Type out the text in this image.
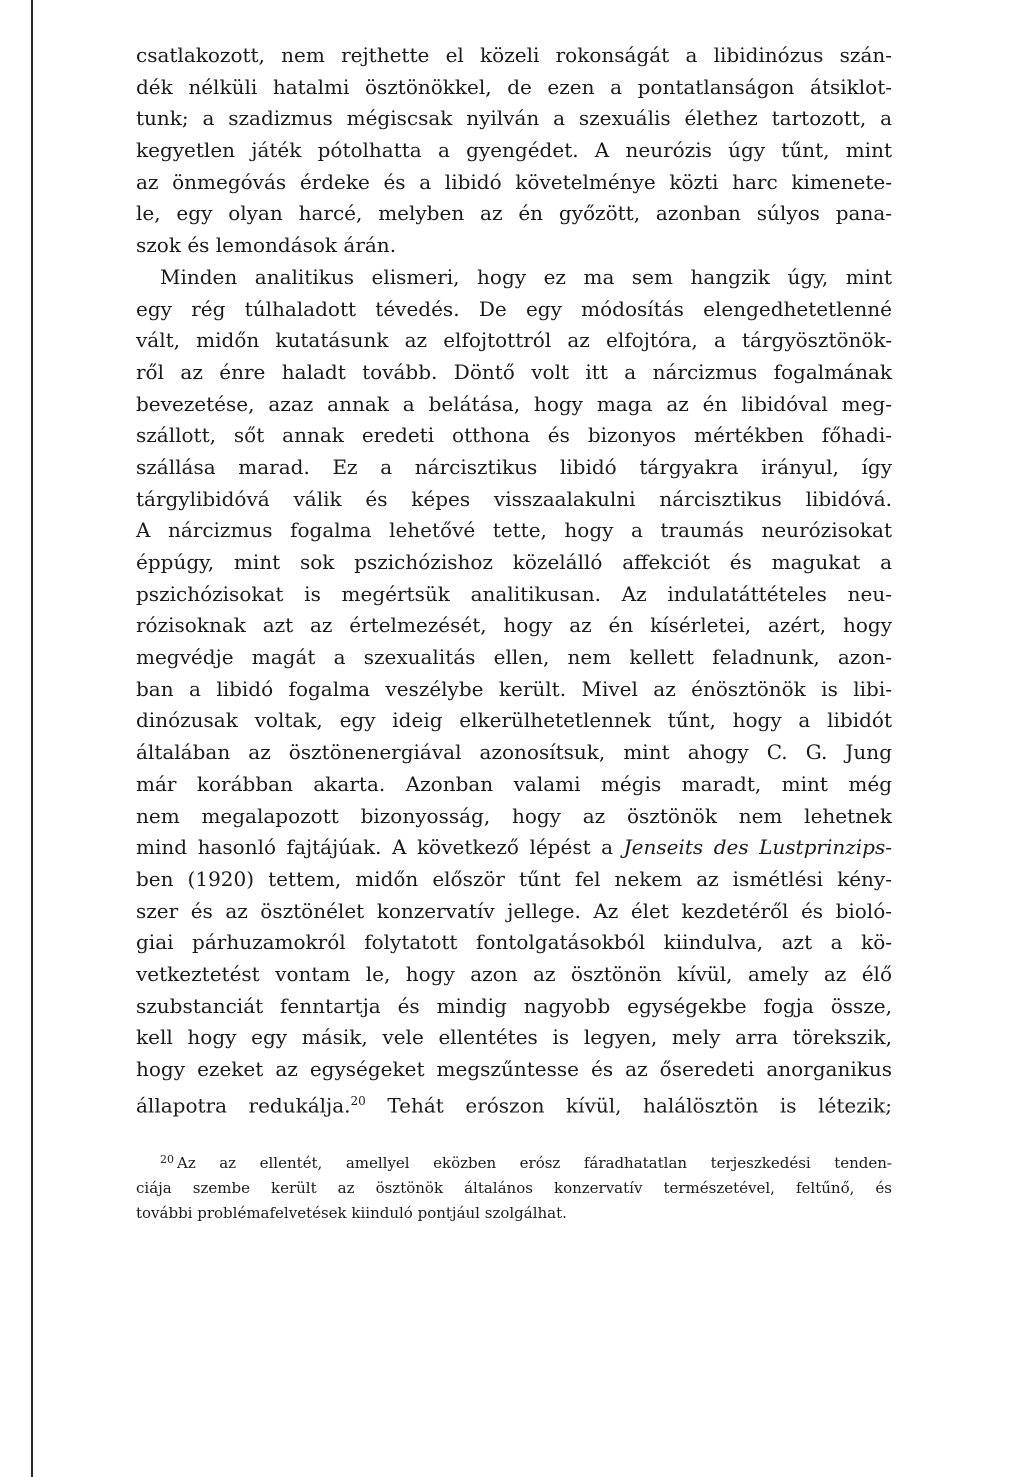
csatlakozott, nem rejthette el közeli rokonságát a libidinózus szán-
dék nélküli hatalmi ösztönökkel, de ezen a pontatlanságon átsiklot-
tunk; a szadizmus mégiscsak nyilván a szexuális élethez tartozott, a
kegyetlen játék pótolhatta a gyengédet. A neurózis úgy tűnt, mint
az önmegóvás érdeke és a libidó követelménye közti harc kimenete-
le, egy olyan harcé, melyben az én győzött, azonban súlyos pana-
szok és lemondások árán.
Minden analitikus elismeri, hogy ez ma sem hangzik úgy, mint
egy rég túlhaladott tévedés. De egy módosítás elengedhetetlenné
vált, midőn kutatásunk az elfojtottról az elfojtóra, a tárgyösztönök-
ről az énre haladt tovább. Döntő volt itt a nárcizmus fogalmának
bevezetése, azaz annak a belátása, hogy maga az én libidóval meg-
szállott, sőt annak eredeti otthona és bizonyos mértékben főhadi-
szállása marad. Ez a nárcisztikus libidó tárgyakra irányul, így
tárgylibidóvá válik és képes visszaalakulni nárcisztikus libidóvá.
A nárcizmus fogalma lehetővé tette, hogy a traumás neurózisokat
éppúgy, mint sok pszichózishoz közelálló affekciót és magukat a
pszichózisokat is megértsük analitikusan. Az indulatáttételes neu-
rózisoknak azt az értelmezését, hogy az én kísérletei, azért, hogy
megvédje magát a szexualitás ellen, nem kellett feladnunk, azon-
ban a libidó fogalma veszélybe került. Mivel az énösztönök is libi-
dinózusak voltak, egy ideig elkerülhetetlennek tűnt, hogy a libidót
általában az ösztönenergiával azonosítsuk, mint ahogy C. G. Jung
már korábban akarta. Azonban valami mégis maradt, mint még
nem megalapozott bizonyosság, hogy az ösztönök nem lehetnek
mind hasonló fajtájúak. A következő lépést a Jenseits des Lustprinzips-
ben (1920) tettem, midőn először tűnt fel nekem az ismétlési kény-
szer és az ösztönélet konzervatív jellege. Az élet kezdetéről és bioló-
giai párhuzamokról folytatott fontolgatásokból kiindulva, azt a kö-
vetkeztetést vontam le, hogy azon az ösztönön kívül, amely az élő
szubstanciát fenntartja és mindig nagyobb egységekbe fogja össze,
kell hogy egy másik, vele ellentétes is legyen, mely arra törekszik,
hogy ezeket az egységeket megszűntesse és az őseredeti anorganikus
állapotra redukálja.$^{20}$ Tehát erószon kívül, halálösztön is létezik;
$^{20}$ Az az ellentét, amellyel eközben erósz fáradhatatlan terjeszkedési tenden-
ciája szembe került az ösztönök általános konzervatív természetével, feltűnő, és
további problémafelvetések kiinduló pontjául szolgálhat.
